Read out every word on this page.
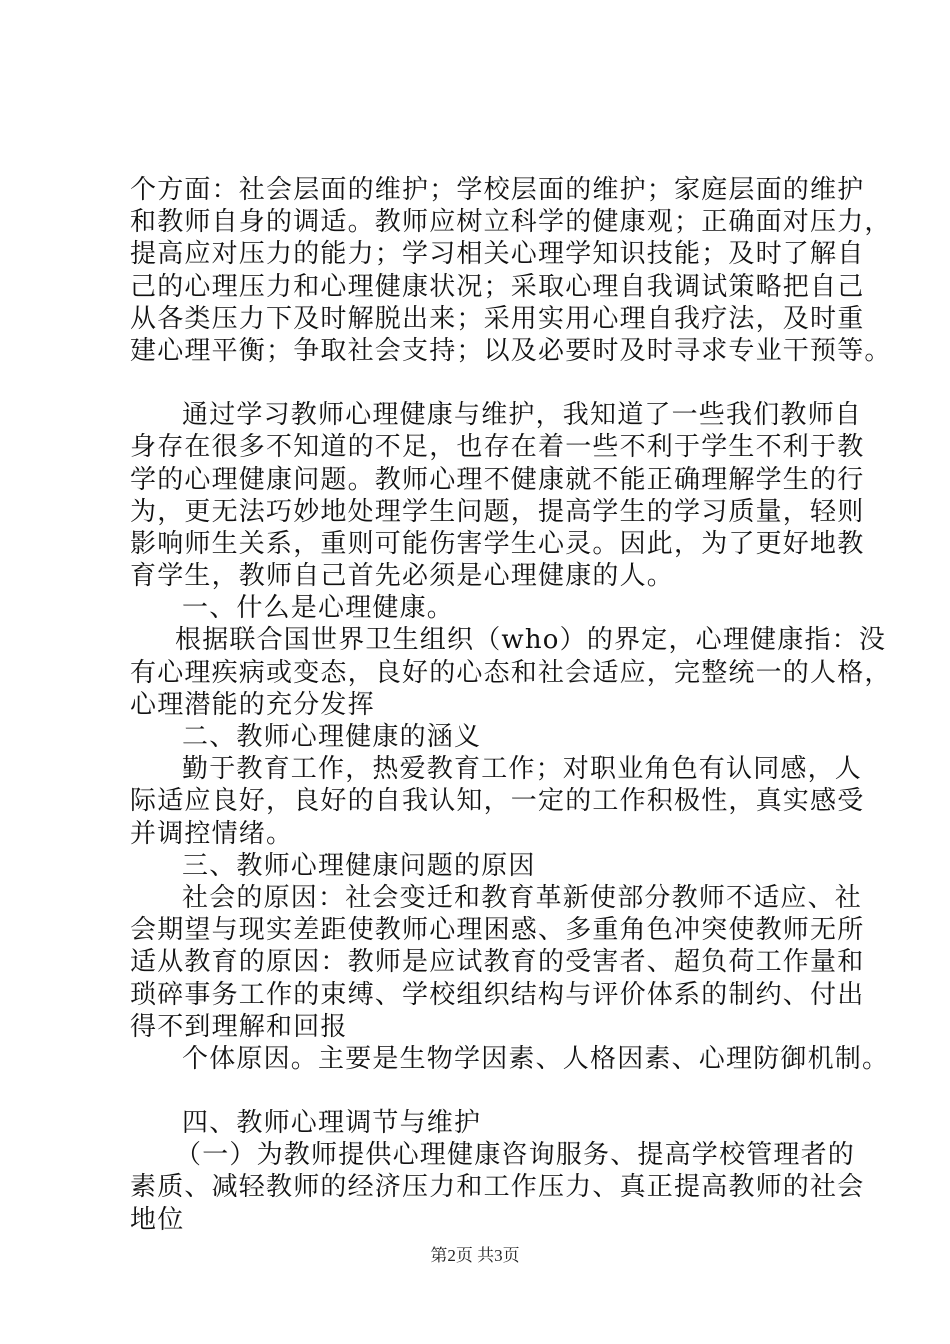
个方面：社会层面的维护；学校层面的维护；家庭层面的维护
和教师自身的调适。教师应树立科学的健康观；正确面对压力，
提高应对压力的能力；学习相关心理学知识技能；及时了解自
己的心理压力和心理健康状况；采取心理自我调试策略把自己
从各类压力下及时解脱出来；采用实用心理自我疗法，及时重
建心理平衡；争取社会支持；以及必要时及时寻求专业干预等。
通过学习教师心理健康与维护，我知道了一些我们教师自
身存在很多不知道的不足，也存在着一些不利于学生不利于教
学的心理健康问题。教师心理不健康就不能正确理解学生的行
为，更无法巧妙地处理学生问题，提高学生的学习质量，轻则
影响师生关系，重则可能伤害学生心灵。因此，为了更好地教
育学生，教师自己首先必须是心理健康的人。
一、什么是心理健康。
根据联合国世界卫生组织（who）的界定，心理健康指：没
有心理疾病或变态，良好的心态和社会适应，完整统一的人格，
心理潜能的充分发挥
二、教师心理健康的涵义
勤于教育工作，热爱教育工作；对职业角色有认同感，人
际适应良好，良好的自我认知，一定的工作积极性，真实感受
并调控情绪。
三、教师心理健康问题的原因
社会的原因：社会变迁和教育革新使部分教师不适应、社
会期望与现实差距使教师心理困惑、多重角色冲突使教师无所
适从教育的原因：教师是应试教育的受害者、超负荷工作量和
琐碎事务工作的束缚、学校组织结构与评价体系的制约、付出
得不到理解和回报
个体原因。主要是生物学因素、人格因素、心理防御机制。
四、教师心理调节与维护
（一）为教师提供心理健康咨询服务、提高学校管理者的
素质、减轻教师的经济压力和工作压力、真正提高教师的社会
地位
第2页 共3页
